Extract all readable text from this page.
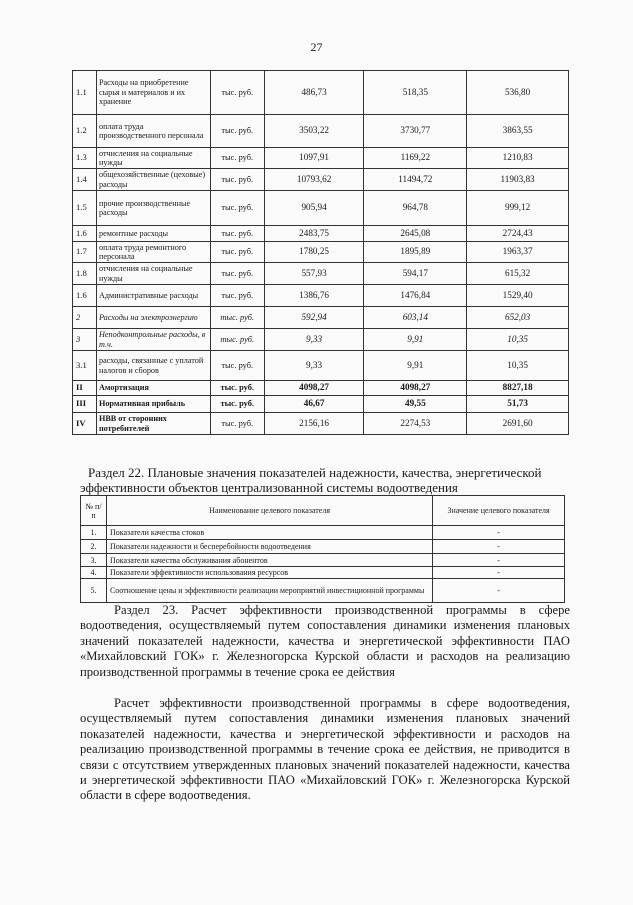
27
1.1	Расходы на приобретение сырья и материалов и их хранение	тыс. руб.	486,73	518,35	536,80
1.2	оплата труда производственного персонала	тыс. руб.	3503,22	3730,77	3863,55
1.3	отчисления на социальные нужды	тыс. руб.	1097,91	1169,22	1210,83
1.4	общехозяйственные (цеховые) расходы	тыс. руб.	10793,62	11494,72	11903,83
1.5	прочие производственные расходы	тыс. руб.	905,94	964,78	999,12
1.6	ремонтные расходы	тыс. руб.	2483,75	2645,08	2724,43
1.7	оплата труда ремонтного персонала	тыс. руб.	1780,25	1895,89	1963,37
1.8	отчисления на социальные нужды	тыс. руб.	557,93	594,17	615,32
1.6	Административные расходы	тыс. руб.	1386,76	1476,84	1529,40
2	Расходы на электроэнергию	тыс. руб.	592,94	603,14	652,03
3	Неподконтрольные расходы, в т.ч.	тыс. руб.	9,33	9,91	10,35
3.1	расходы, связанные с уплатой налогов и сборов	тыс. руб.	9,33	9,91	10,35
II	Амортизация	тыс. руб.	4098,27	4098,27	8827,18
III	Нормативная прибыль	тыс. руб.	46,67	49,55	51,73
IV	НВВ от сторонних потребителей	тыс. руб.	2156,16	2274,53	2691,60
Раздел 22. Плановые значения показателей надежности, качества, энергетической
эффективности объектов централизованной системы водоотведения
№ п/п	Наименование целевого показателя	Значение целевого показателя
1.	Показатели качества стоков	-
2.	Показатели надежности и бесперебойности водоотведения	-
3.	Показатели качества обслуживания абонентов	-
4.	Показатели эффективности использования ресурсов	-
5.	Соотношение цены и эффективности реализации мероприятий инвестиционной программы	-
Раздел 23. Расчет эффективности производственной программы в сфере водоотведения, осуществляемый путем сопоставления динамики изменения плановых значений показателей надежности, качества и энергетической эффективности ПАО «Михайловский ГОК» г. Железногорска Курской области и расходов на реализацию производственной программы в течение срока ее действия
Расчет эффективности производственной программы в сфере водоотведения, осуществляемый путем сопоставления динамики изменения плановых значений показателей надежности, качества и энергетической эффективности и расходов на реализацию производственной программы в течение срока ее действия, не приводится в связи с отсутствием утвержденных плановых значений показателей надежности, качества и энергетической эффективности ПАО «Михайловский ГОК» г. Железногорска Курской области в сфере водоотведения.
